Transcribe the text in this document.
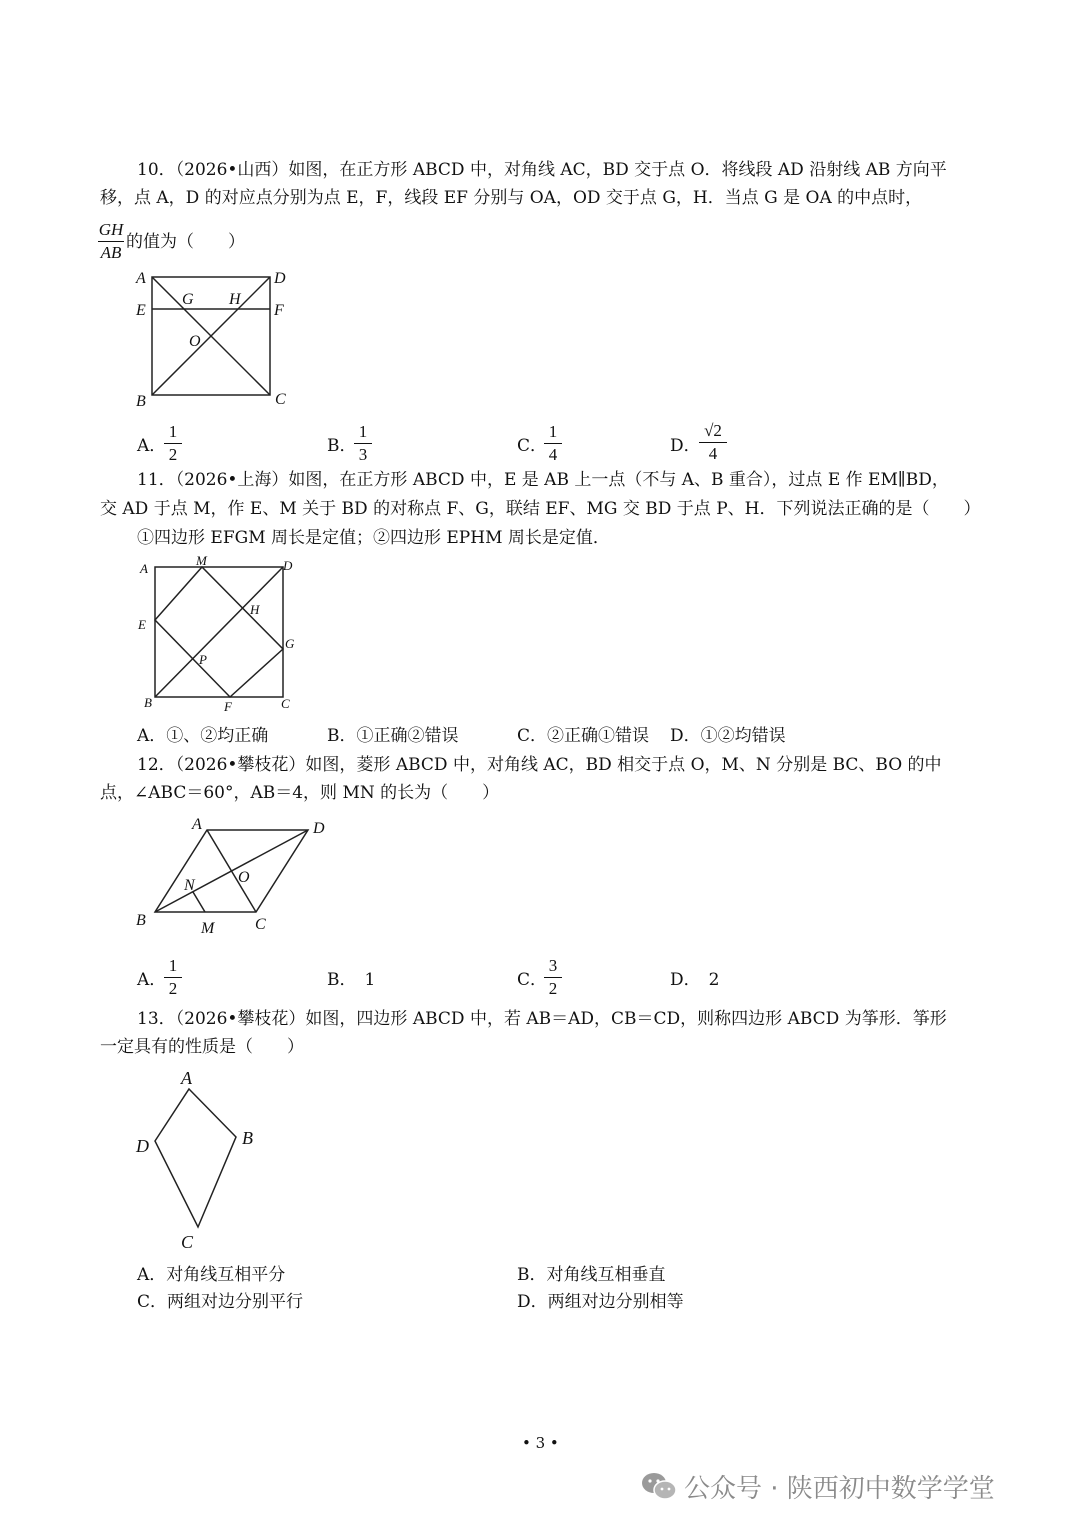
10．（2026•山西）如图，在正方形 ABCD 中，对角线 AC，BD 交于点 O．将线段 AD 沿射线 AB 方向平
移，点 A，D 的对应点分别为点 E，F，线段 EF 分别与 OA，OD 交于点 G，H．当点 G 是 OA 的中点时，
GH
AB
的值为（　　）
A	D
E	F
G H
O
B	C
A．
1
2	B．
1
3	C．
1
4	D．
√2
4
11．（2026•上海）如图，在正方形 ABCD 中，E 是 AB 上一点（不与 A、B 重合），过点 E 作 EM∥BD，
交 AD 于点 M，作 E、M 关于 BD 的对称点 F、G，联结 EF、MG 交 BD 于点 P、H．下列说法正确的是（　　）
①四边形 EFGM 周长是定值；②四边形 EPHM 周长是定值．
A
M	D
E
H
G
P
B	F	C
A．①、②均正确	B．①正确②错误	C．②正确①错误 D．①②均错误
12．（2026•攀枝花）如图，菱形 ABCD 中，对角线 AC，BD 相交于点 O，M、N 分别是 BC、BO 的中
点，∠ABC＝60°，AB＝4，则 MN 的长为（　　）
A	D
N	O
B	M	C
A．
1
2	B． 1	C．
3
2	D． 2
13．（2026•攀枝花）如图，四边形 ABCD 中，若 AB＝AD，CB＝CD，则称四边形 ABCD 为筝形．筝形
一定具有的性质是（　　）
A
D	B
C
A．对角线互相平分	B．对角线互相垂直
C．两组对边分别平行	D．两组对边分别相等
• 3 •
公众号 · 陕西初中数学学堂
